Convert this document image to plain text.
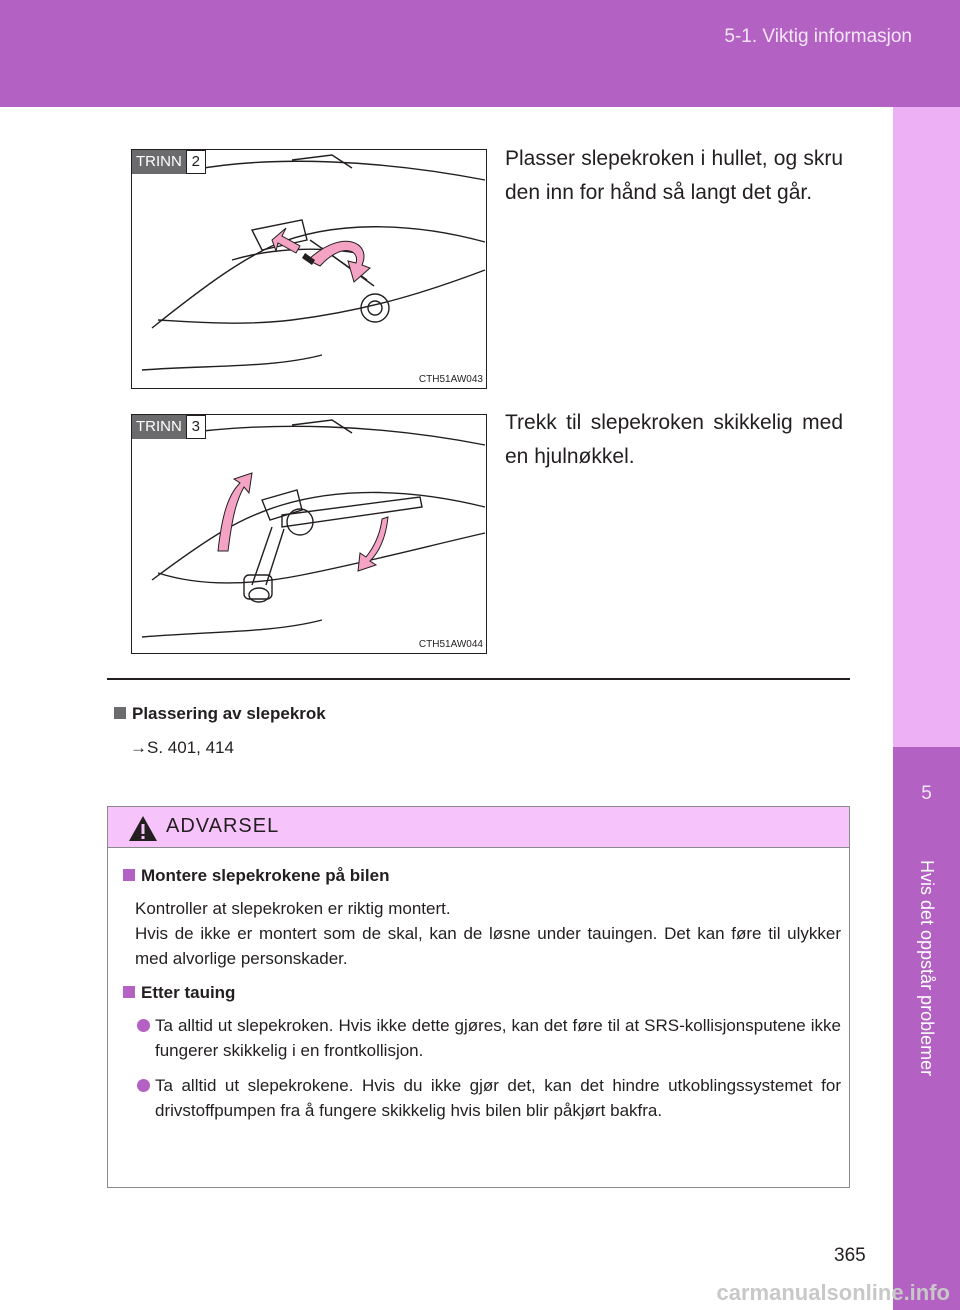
5-1. Viktig informasjon
5
Hvis det oppstår problemer
TRINN 2
CTH51AW043
Plasser slepekroken i hullet, og skru den inn for hånd så langt det går.
TRINN 3
CTH51AW044
Trekk til slepekroken skikkelig med en hjulnøkkel.
Plassering av slepekrok
→S. 401, 414
ADVARSEL
Montere slepekrokene på bilen
Kontroller at slepekroken er riktig montert.
Hvis de ikke er montert som de skal, kan de løsne under tauingen. Det kan føre til ulykker med alvorlige personskader.
Etter tauing
Ta alltid ut slepekroken. Hvis ikke dette gjøres, kan det føre til at SRS-kollisjonsputene ikke fungerer skikkelig i en frontkollisjon.
Ta alltid ut slepekrokene. Hvis du ikke gjør det, kan det hindre utkoblingssystemet for drivstoffpumpen fra å fungere skikkelig hvis bilen blir påkjørt bakfra.
365
carmanualsonline.info
